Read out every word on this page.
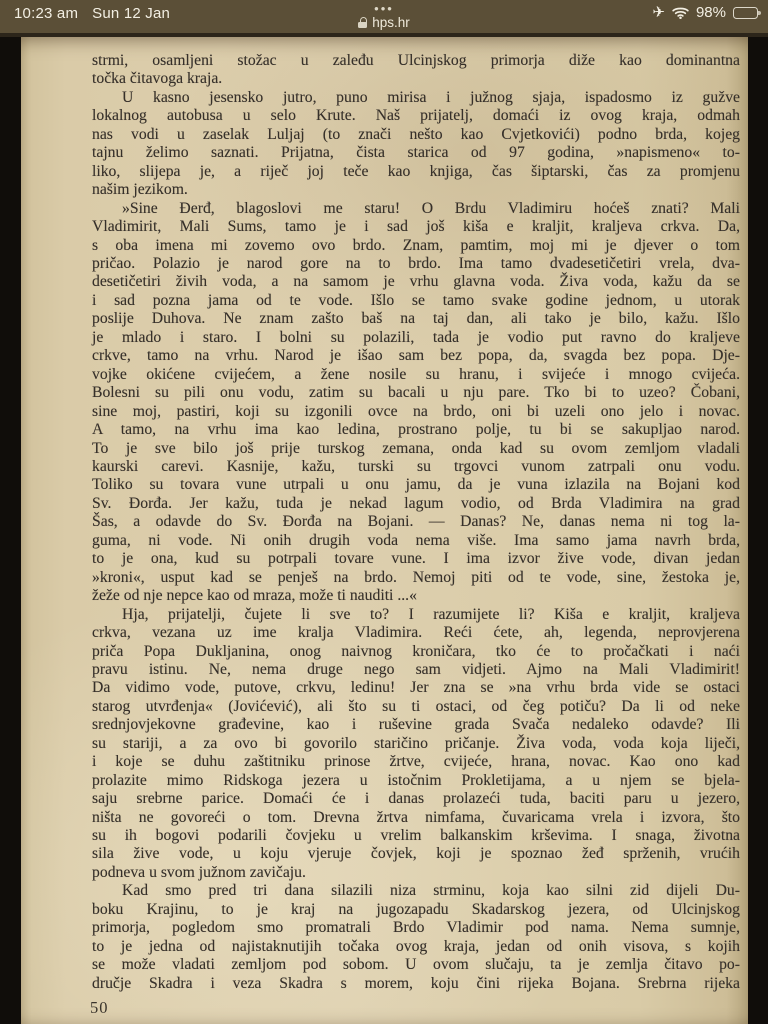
10:23 am Sun 12 Jan	•••
hps.hr
✈ 98%
strmi, osamljeni stožac u zaleđu Ulcinjskog primorja diže kao dominantna
točka čitavoga kraja.
U kasno jesensko jutro, puno mirisa i južnog sjaja, ispadosmo iz gužve
lokalnog autobusa u selo Krute. Naš prijatelj, domaći iz ovog kraja, odmah
nas vodi u zaselak Luljaj (to znači nešto kao Cvjetkovići) podno brda, kojeg
tajnu želimo saznati. Prijatna, čista starica od 97 godina, »napismeno« to-
liko, slijepa je, a riječ joj teče kao knjiga, čas šiptarski, čas za promjenu
našim jezikom.
»Sine Đerđ, blagoslovi me staru! O Brdu Vladimiru hoćeš znati? Mali
Vladimirit, Mali Sums, tamo je i sad još kiša e kraljit, kraljeva crkva. Da,
s oba imena mi zovemo ovo brdo. Znam, pamtim, moj mi je djever o tom
pričao. Polazio je narod gore na to brdo. Ima tamo dvadesetičetiri vrela, dva-
desetičetiri živih voda, a na samom je vrhu glavna voda. Živa voda, kažu da se
i sad pozna jama od te vode. Išlo se tamo svake godine jednom, u utorak
poslije Duhova. Ne znam zašto baš na taj dan, ali tako je bilo, kažu. Išlo
je mlado i staro. I bolni su polazili, tada je vodio put ravno do kraljeve
crkve, tamo na vrhu. Narod je išao sam bez popa, da, svagda bez popa. Dje-
vojke okićene cvijećem, a žene nosile su hranu, i svijeće i mnogo cvijeća.
Bolesni su pili onu vodu, zatim su bacali u nju pare. Tko bi to uzeo? Čobani,
sine moj, pastiri, koji su izgonili ovce na brdo, oni bi uzeli ono jelo i novac.
A tamo, na vrhu ima kao ledina, prostrano polje, tu bi se sakupljao narod.
To je sve bilo još prije turskog zemana, onda kad su ovom zemljom vladali
kaurski carevi. Kasnije, kažu, turski su trgovci vunom zatrpali onu vodu.
Toliko su tovara vune utrpali u onu jamu, da je vuna izlazila na Bojani kod
Sv. Đorđa. Jer kažu, tuda je nekad lagum vodio, od Brda Vladimira na grad
Šas, a odavde do Sv. Đorđa na Bojani. — Danas? Ne, danas nema ni tog la-
guma, ni vode. Ni onih drugih voda nema više. Ima samo jama navrh brda,
to je ona, kud su potrpali tovare vune. I ima izvor žive vode, divan jedan
»kroni«, usput kad se penješ na brdo. Nemoj piti od te vode, sine, žestoka je,
žeže od nje nepce kao od mraza, može ti nauditi ...«
Hja, prijatelji, čujete li sve to? I razumijete li? Kiša e kraljit, kraljeva
crkva, vezana uz ime kralja Vladimira. Reći ćete, ah, legenda, neprovjerena
priča Popa Dukljanina, onog naivnog kroničara, tko će to pročačkati i naći
pravu istinu. Ne, nema druge nego sam vidjeti. Ajmo na Mali Vladimirit!
Da vidimo vode, putove, crkvu, ledinu! Jer zna se »na vrhu brda vide se ostaci
starog utvrđenja« (Jovićević), ali što su ti ostaci, od čeg potiču? Da li od neke
srednjovjekovne građevine, kao i ruševine grada Svača nedaleko odavde? Ili
su stariji, a za ovo bi govorilo staričino pričanje. Živa voda, voda koja liječi,
i koje se duhu zaštitniku prinose žrtve, cvijeće, hrana, novac. Kao ono kad
prolazite mimo Ridskoga jezera u istočnim Prokletijama, a u njem se bjela-
saju srebrne parice. Domaći će i danas prolazeći tuda, baciti paru u jezero,
ništa ne govoreći o tom. Drevna žrtva nimfama, čuvaricama vrela i izvora, što
su ih bogovi podarili čovjeku u vrelim balkanskim krševima. I snaga, životna
sila žive vode, u koju vjeruje čovjek, koji je spoznao žeđ sprženih, vrućih
podneva u svom južnom zavičaju.
Kad smo pred tri dana silazili niza strminu, koja kao silni zid dijeli Du-
boku Krajinu, to je kraj na jugozapadu Skadarskog jezera, od Ulcinjskog
primorja, pogledom smo promatrali Brdo Vladimir pod nama. Nema sumnje,
to je jedna od najistaknutijih točaka ovog kraja, jedan od onih visova, s kojih
se može vladati zemljom pod sobom. U ovom slučaju, ta je zemlja čitavo po-
dručje Skadra i veza Skadra s morem, koju čini rijeka Bojana. Srebrna rijeka
50
